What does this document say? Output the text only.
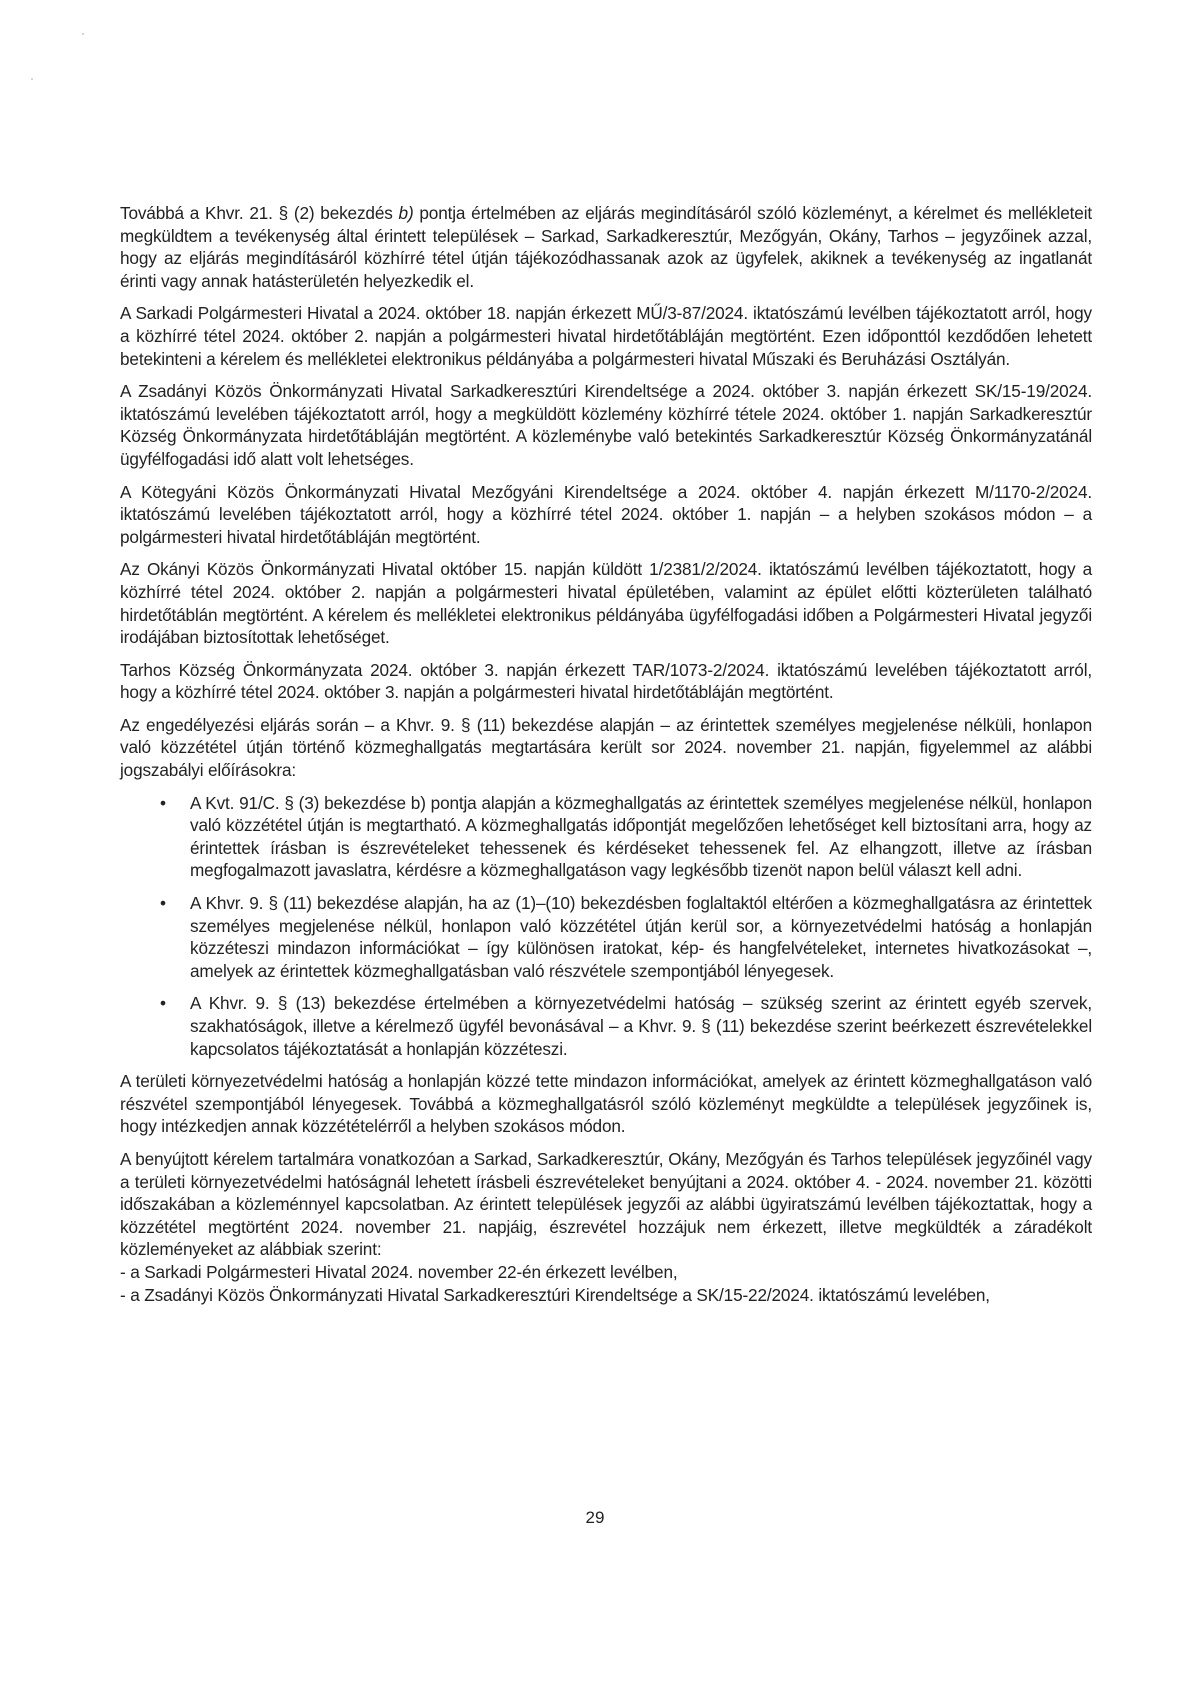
Továbbá a Khvr. 21. § (2) bekezdés b) pontja értelmében az eljárás megindításáról szóló közleményt, a kérelmet és mellékleteit megküldtem a tevékenység által érintett települések – Sarkad, Sarkadkeresztúr, Mezőgyán, Okány, Tarhos – jegyzőinek azzal, hogy az eljárás megindításáról közhírré tétel útján tájékozódhassanak azok az ügyfelek, akiknek a tevékenység az ingatlanát érinti vagy annak hatásterületén helyezkedik el.

A Sarkadi Polgármesteri Hivatal a 2024. október 18. napján érkezett MŰ/3-87/2024. iktatószámú levélben tájékoztatott arról, hogy a közhírré tétel 2024. október 2. napján a polgármesteri hivatal hirdetőtábláján megtörtént. Ezen időponttól kezdődően lehetett betekinteni a kérelem és mellékletei elektronikus példányába a polgármesteri hivatal Műszaki és Beruházási Osztályán.

A Zsadányi Közös Önkormányzati Hivatal Sarkadkeresztúri Kirendeltsége a 2024. október 3. napján érkezett SK/15-19/2024. iktatószámú levelében tájékoztatott arról, hogy a megküldött közlemény közhírré tétele 2024. október 1. napján Sarkadkeresztúr Község Önkormányzata hirdetőtábláján megtörtént. A közleménybe való betekintés Sarkadkeresztúr Község Önkormányzatánál ügyfélfogadási idő alatt volt lehetséges.

A Kötegyáni Közös Önkormányzati Hivatal Mezőgyáni Kirendeltsége a 2024. október 4. napján érkezett M/1170-2/2024. iktatószámú levelében tájékoztatott arról, hogy a közhírré tétel 2024. október 1. napján – a helyben szokásos módon – a polgármesteri hivatal hirdetőtábláján megtörtént.

Az Okányi Közös Önkormányzati Hivatal október 15. napján küldött 1/2381/2/2024. iktatószámú levélben tájékoztatott, hogy a közhírré tétel 2024. október 2. napján a polgármesteri hivatal épületében, valamint az épület előtti közterületen található hirdetőtáblán megtörtént. A kérelem és mellékletei elektronikus példányába ügyfélfogadási időben a Polgármesteri Hivatal jegyzői irodájában biztosítottak lehetőséget.

Tarhos Község Önkormányzata 2024. október 3. napján érkezett TAR/1073-2/2024. iktatószámú levelében tájékoztatott arról, hogy a közhírré tétel 2024. október 3. napján a polgármesteri hivatal hirdetőtábláján megtörtént.

Az engedélyezési eljárás során – a Khvr. 9. § (11) bekezdése alapján – az érintettek személyes megjelenése nélküli, honlapon való közzététel útján történő közmeghallgatás megtartására került sor 2024. november 21. napján, figyelemmel az alábbi jogszabályi előírásokra:

• A Kvt. 91/C. § (3) bekezdése b) pontja alapján a közmeghallgatás az érintettek személyes megjelenése nélkül, honlapon való közzététel útján is megtartható. A közmeghallgatás időpontját megelőzően lehetőséget kell biztosítani arra, hogy az érintettek írásban is észrevételeket tehessenek és kérdéseket tehessenek fel. Az elhangzott, illetve az írásban megfogalmazott javaslatra, kérdésre a közmeghallgatáson vagy legkésőbb tizenöt napon belül választ kell adni.
• A Khvr. 9. § (11) bekezdése alapján, ha az (1)–(10) bekezdésben foglaltaktól eltérően a közmeghallgatásra az érintettek személyes megjelenése nélkül, honlapon való közzététel útján kerül sor, a környezetvédelmi hatóság a honlapján közzéteszi mindazon információkat – így különösen iratokat, kép- és hangfelvételeket, internetes hivatkozásokat –, amelyek az érintettek közmeghallgatásban való részvétele szempontjából lényegesek.
• A Khvr. 9. § (13) bekezdése értelmében a környezetvédelmi hatóság – szükség szerint az érintett egyéb szervek, szakhatóságok, illetve a kérelmező ügyfél bevonásával – a Khvr. 9. § (11) bekezdése szerint beérkezett észrevételekkel kapcsolatos tájékoztatását a honlapján közzéteszi.

A területi környezetvédelmi hatóság a honlapján közzé tette mindazon információkat, amelyek az érintett közmeghallgatáson való részvétel szempontjából lényegesek. Továbbá a közmeghallgatásról szóló közleményt megküldte a települések jegyzőinek is, hogy intézkedjen annak közzétételérről a helyben szokásos módon.

A benyújtott kérelem tartalmára vonatkozóan a Sarkad, Sarkadkeresztúr, Okány, Mezőgyán és Tarhos települések jegyzőinél vagy a területi környezetvédelmi hatóságnál lehetett írásbeli észrevételeket benyújtani a 2024. október 4. - 2024. november 21. közötti időszakában a közleménnyel kapcsolatban. Az érintett települések jegyzői az alábbi ügyiratszámú levélben tájékoztattak, hogy a közzététel megtörtént 2024. november 21. napjáig, észrevétel hozzájuk nem érkezett, illetve megküldték a záradékolt közleményeket az alábbiak szerint:

- a Sarkadi Polgármesteri Hivatal 2024. november 22-én érkezett levélben,

- a Zsadányi Közös Önkormányzati Hivatal Sarkadkeresztúri Kirendeltsége a SK/15-22/2024. iktatószámú levelében,

29
